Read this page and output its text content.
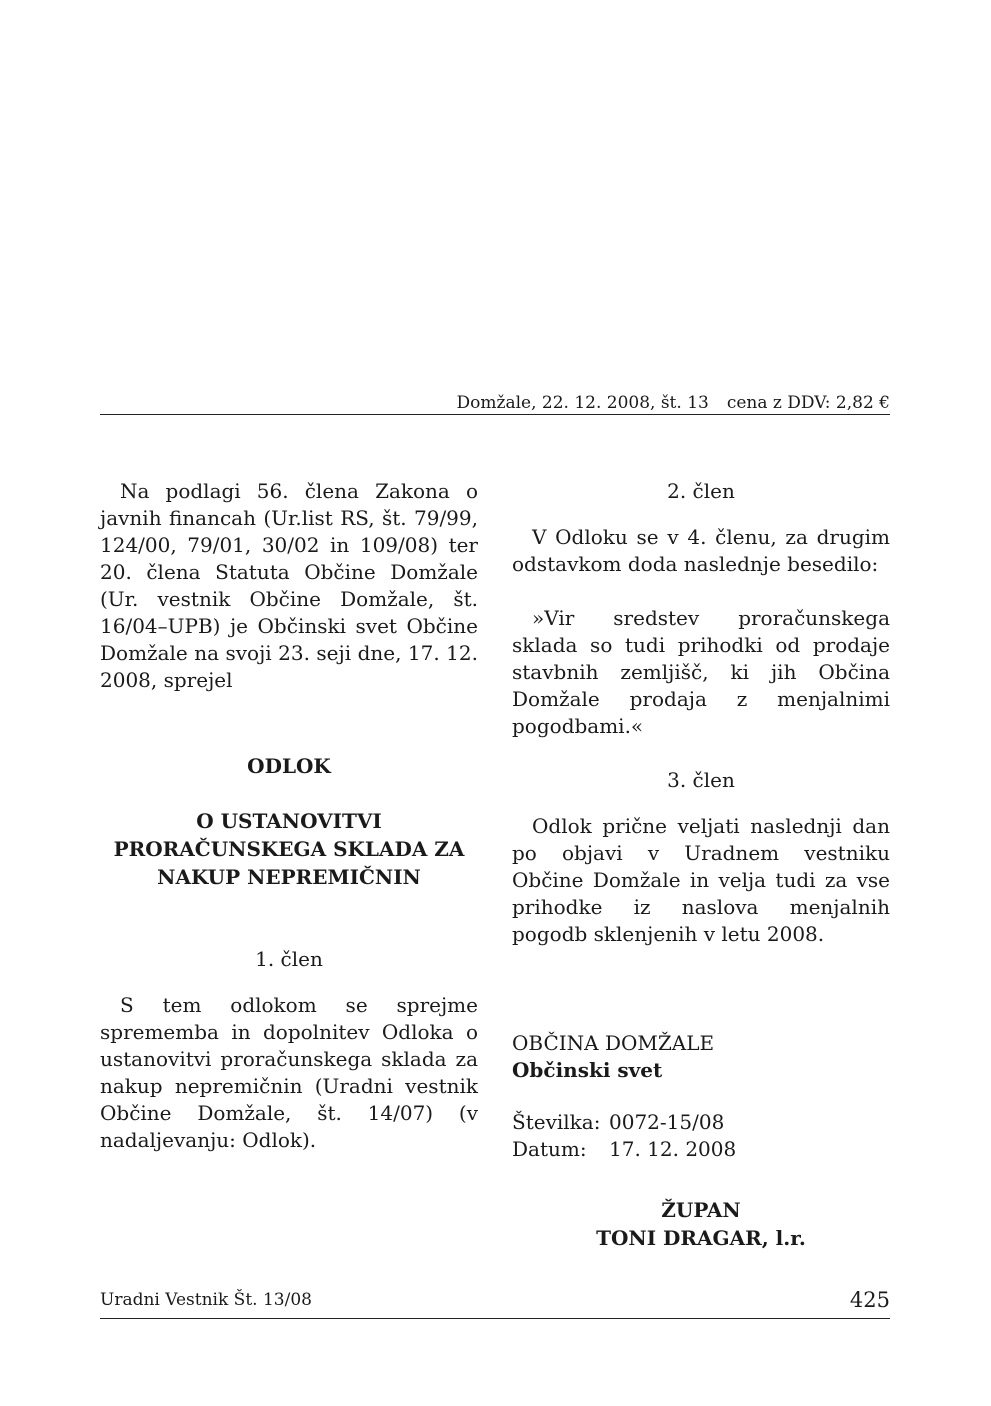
Domžale, 22. 12. 2008, št. 13 cena z DDV: 2,82 €

Na podlagi 56. člena Zakona o javnih financah (Ur.list RS, št. 79/99, 124/00, 79/01, 30/02 in 109/08) ter 20. člena Statuta Občine Domžale (Ur. vestnik Občine Domžale, št. 16/04–UPB) je Občinski svet Občine Domžale na svoji 23. seji dne, 17. 12. 2008, sprejel

ODLOK

O USTANOVITVI
PRORAČUNSKEGA SKLADA ZA
NAKUP NEPREMIČNIN

1. člen

S tem odlokom se sprejme sprememba in dopolnitev Odloka o ustanovitvi proračunskega sklada za nakup nepremičnin (Uradni vestnik Občine Domžale, št. 14/07) (v nadaljevanju: Odlok).

2. člen

V Odloku se v 4. členu, za drugim odstavkom doda naslednje besedilo:

»Vir sredstev proračunskega sklada so tudi prihodki od prodaje stavbnih zemljišč, ki jih Občina Domžale prodaja z menjalnimi pogodbami.«

3. člen

Odlok prične veljati naslednji dan po objavi v Uradnem vestniku Občine Domžale in velja tudi za vse prihodke iz naslova menjalnih pogodb sklenjenih v letu 2008.

OBČINA DOMŽALE

Občinski svet

Številka: 0072-15/08
Datum:	17. 12. 2008
ŽUPAN
TONI DRAGAR, l.r.
Uradni Vestnik Št. 13/08	425
